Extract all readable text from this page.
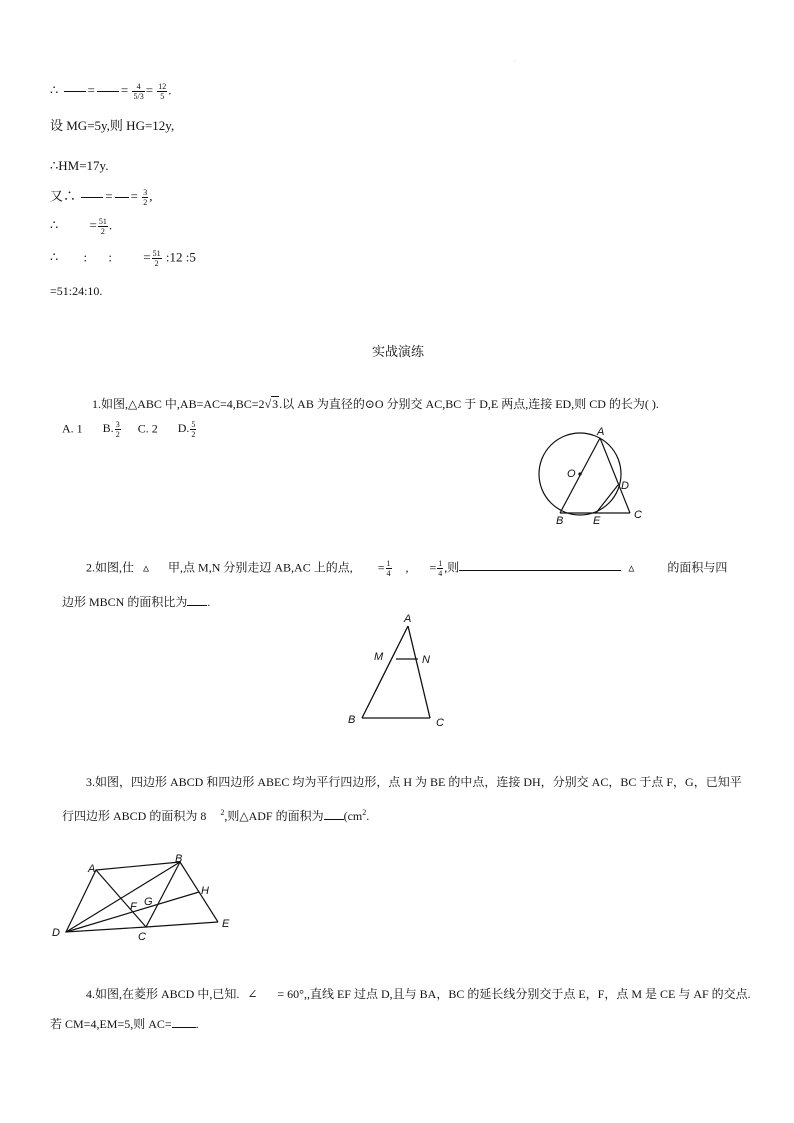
·
∴ = = $\frac{4}{5/3} = \frac{12}{5}$ .
设 MG=5y,则 HG=12y,
∴HM=17y.
又∴ = = $\frac{3}{2}$ ,
∴ = $\frac{51}{2}$ .
∴ : : = $\frac{51}{2}$ :12 :5
=51:24:10.
实战演练
1.如图,△ABC 中,AB=AC=4,BC=2√3.以 AB 为直径的⊙O 分别交 AC,BC 于 D,E 两点,连接 ED,则 CD 的长为( ).
A. 1 B. $\frac{3}{2} C$. 2 D. $\frac{5}{2}$	A
O
D
B	E	C
2.如图,仕 ▵ 甲,点 M,N 分别走辺 AB,AC 上的点, = $\frac{1}{4}$ , = $\frac{1}{4}$ ,则	▵	的面积与四
边形 MBCN 的面积比为 .
A
M	N
B	C
3.如图，四边形 ABCD 和四边形 ABEC 均为平行四边形，点 H 为 BE 的中点，连接 DH，分别交 AC，BC 于点 F，G，已知平
行四边形 ABCD 的面积为 8 $^2$,则△ADF 的面积为 ($cm^2$.
A
B
H
F G
D	C
E
4.如图,在菱形 ABCD 中,已知. ∠ = 60°,,直线 EF 过点 D,且与 BA，BC 的延长线分别交于点 E，F，点 M 是 CE 与 AF 的交点.
若 CM=4,EM=5,则 AC= .
